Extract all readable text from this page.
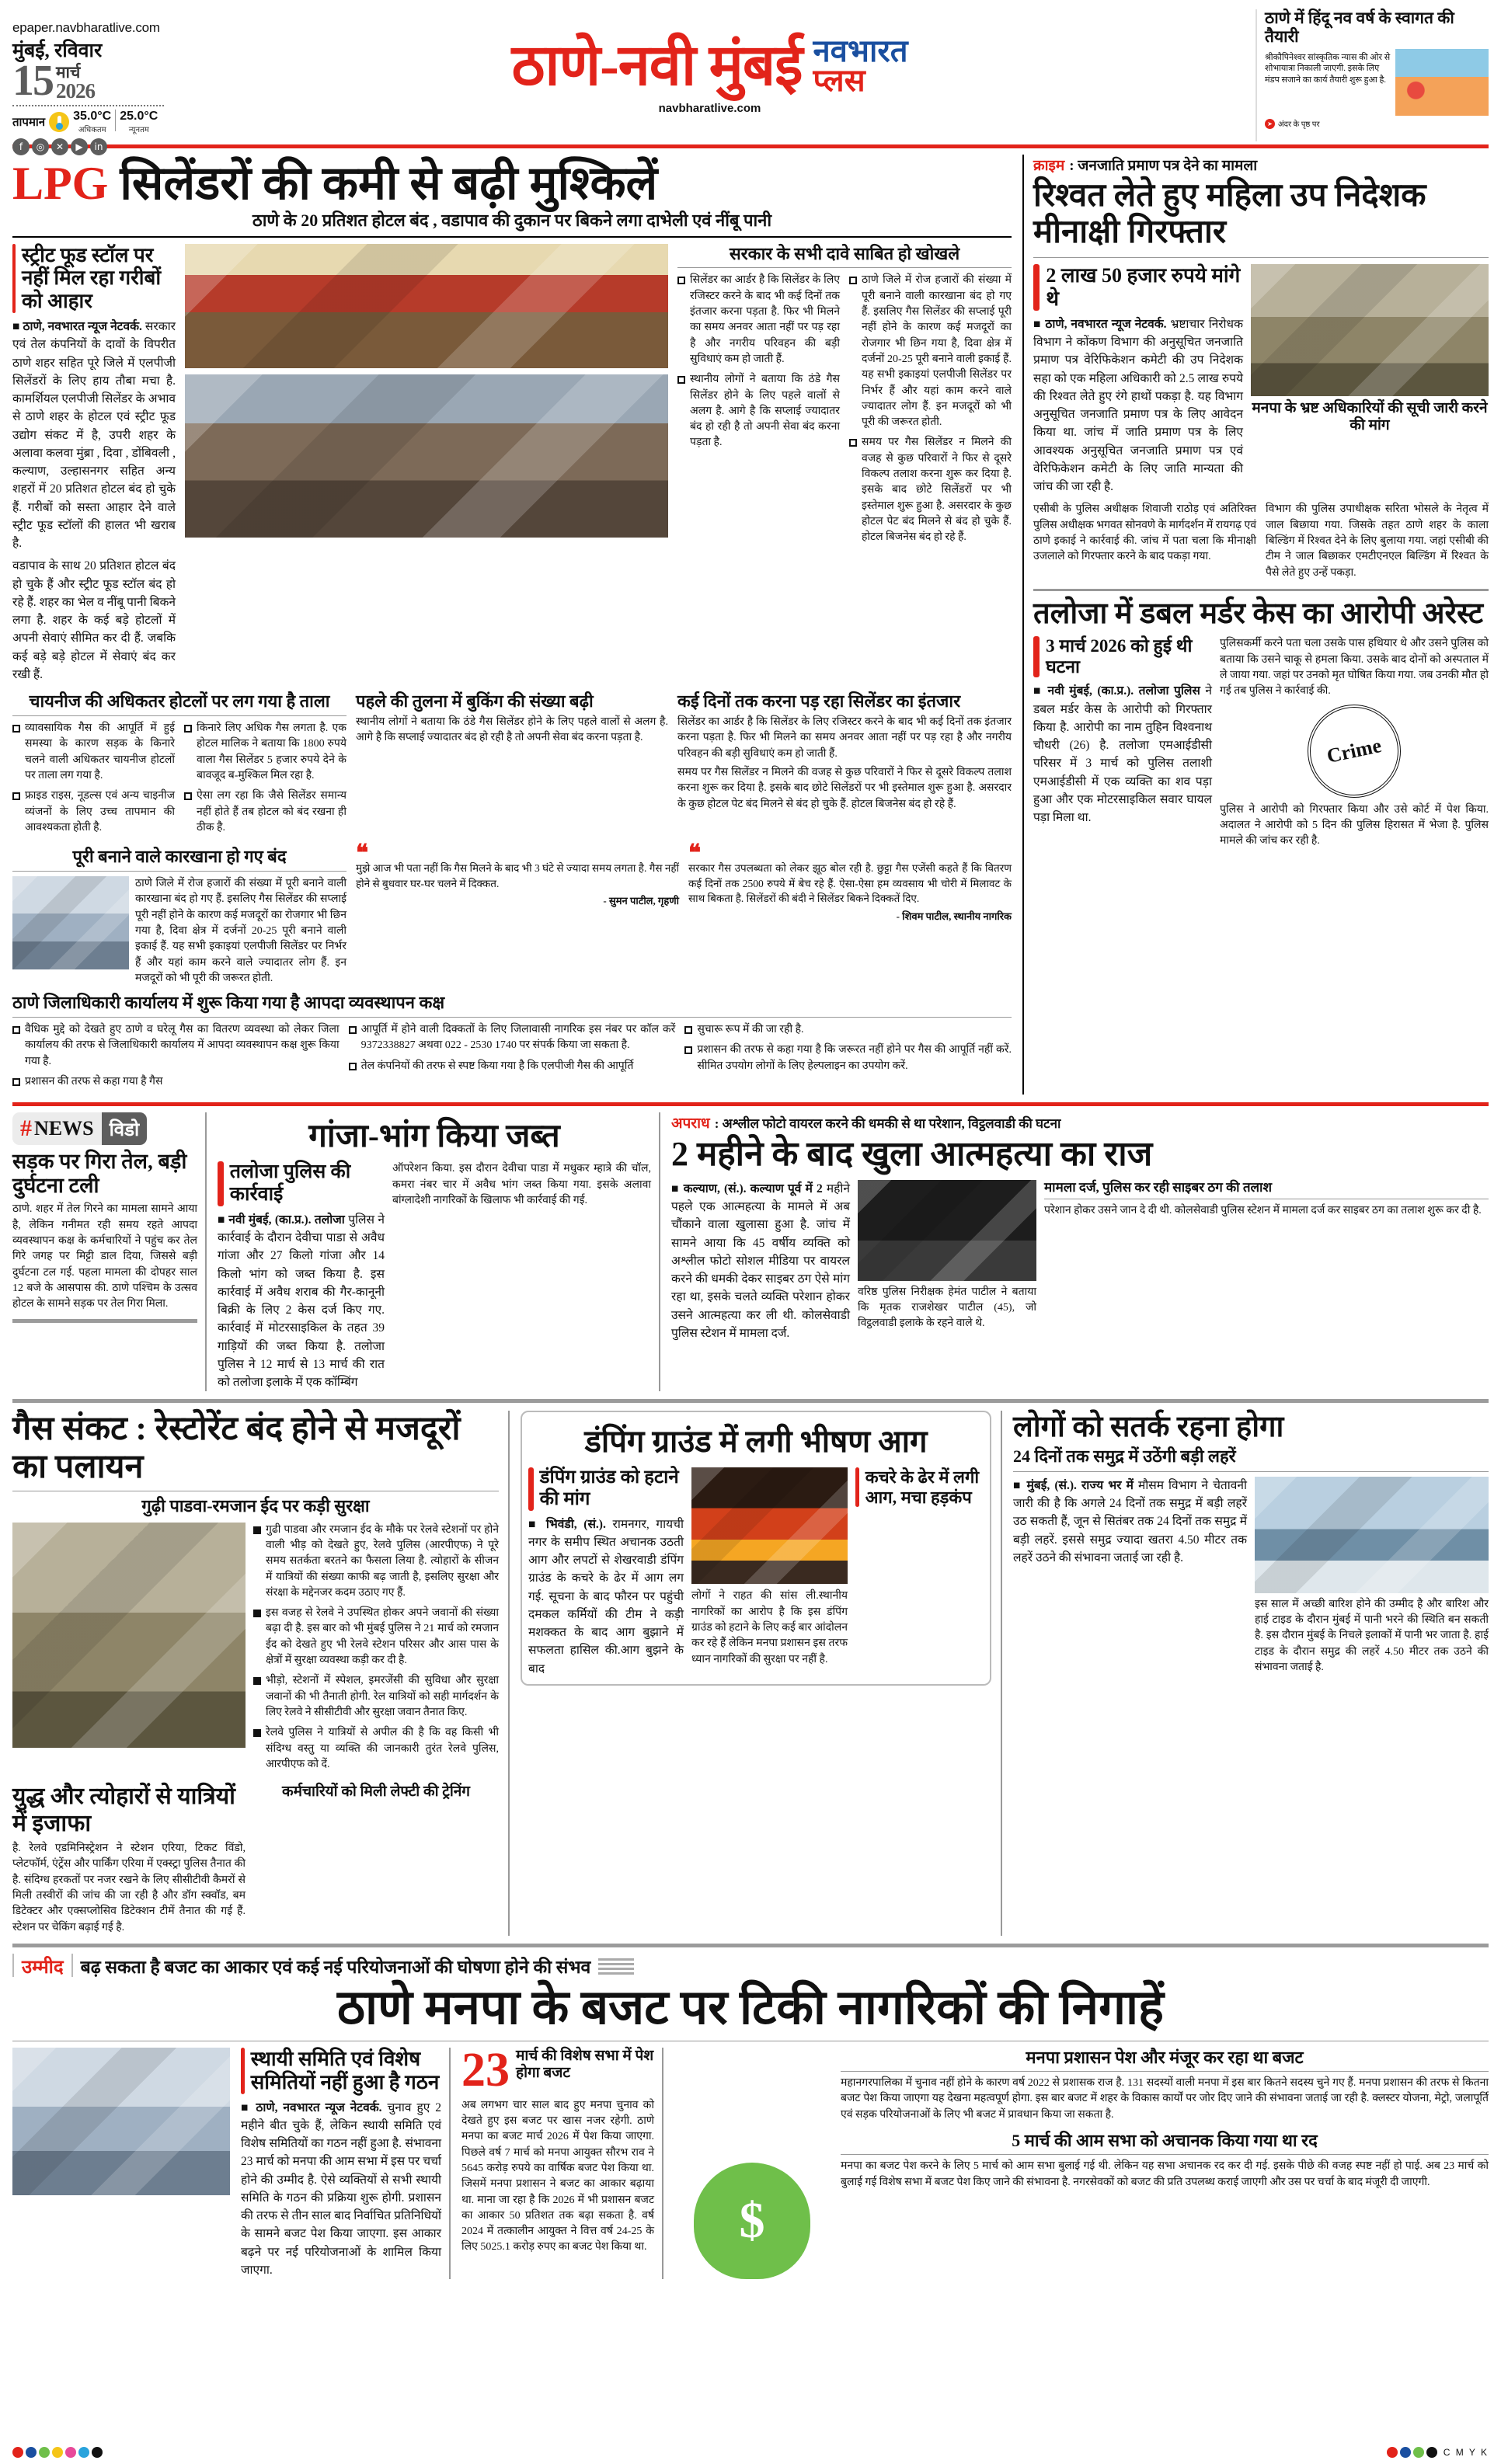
epaper.navbharatlive.com
मुंबई, रविवार
15 मार्च
2026
तापमान 35.0°C
अधिकतम
25.0°C
न्यूनतम
f	◎	✕	▶	in
ठाणे-नवी मुंबई नवभारत
प्लस
navbharatlive.com
ठाणे में हिंदू नव वर्ष के स्वागत की तैयारी
श्रीकौपिनेश्वर सांस्कृतिक न्यास की ओर से शोभायात्रा निकाली जाएगी. इसके लिए मंडप सजाने का कार्य तैयारी शुरू हुआ है.
➤ अंदर के पृष्ठ पर
LPG सिलेंडरों की कमी से बढ़ी मुश्किलें
ठाणे के 20 प्रतिशत होटल बंद , वडापाव की दुकान पर बिकने लगा दाभेली एवं नींबू पानी
स्ट्रीट फूड स्टॉल पर नहीं मिल रहा गरीबों को आहार
■ ठाणे, नवभारत न्यूज नेटवर्क. सरकार एवं तेल कंपनियों के दावों के विपरीत ठाणे शहर सहित पूरे जिले में एलपीजी सिलेंडरों के लिए हाय तौबा मचा है. कामर्शियल एलपीजी सिलेंडर के अभाव से ठाणे शहर के होटल एवं स्ट्रीट फूड उद्योग संकट में है, उपरी शहर के अलावा कलवा मुंब्रा , दिवा , डोंबिवली , कल्याण, उल्हासनगर सहित अन्य शहरों में 20 प्रतिशत होटल बंद हो चुके हैं. गरीबों को सस्ता आहार देने वाले स्ट्रीट फूड स्टॉलों की हालत भी खराब है.
वडापाव के साथ 20 प्रतिशत होटल बंद हो चुके हैं और स्ट्रीट फूड स्टॉल बंद हो रहे हैं. शहर का भेल व नींबू पानी बिकने लगा है. शहर के कई बड़े होटलों में अपनी सेवाएं सीमित कर दी हैं. जबकि कई बड़े बड़े होटल में सेवाएं बंद कर रखी हैं.
सरकार के सभी दावे साबित हो खोखले
सिलेंडर का आर्डर है कि सिलेंडर के लिए रजिस्टर करने के बाद भी कई दिनों तक इंतजार करना पड़ता है. फिर भी मिलने का समय अनवर आता नहीं पर पड़ रहा है और नगरीय परिवहन की बड़ी सुविधाएं कम हो जाती हैं.
स्थानीय लोगों ने बताया कि ठंडे गैस सिलेंडर होने के लिए पहले वालों से अलग है. आगे है कि सप्लाई ज्यादातर बंद हो रही है तो अपनी सेवा बंद करना पड़ता है.
ठाणे जिले में रोज हजारों की संख्या में पूरी बनाने वाली कारखाना बंद हो गए हैं. इसलिए गैस सिलेंडर की सप्लाई पूरी नहीं होने के कारण कई मजदूरों का रोजगार भी छिन गया है, दिवा क्षेत्र में दर्जनों 20-25 पूरी बनाने वाली इकाई हैं. यह सभी इकाइयां एलपीजी सिलेंडर पर निर्भर हैं और यहां काम करने वाले ज्यादातर लोग हैं. इन मजदूरों को भी पूरी की जरूरत होती.
समय पर गैस सिलेंडर न मिलने की वजह से कुछ परिवारों ने फिर से दूसरे विकल्प तलाश करना शुरू कर दिया है. इसके बाद छोटे सिलेंडरों पर भी इस्तेमाल शुरू हुआ है. असरदार के कुछ होटल पेट बंद मिलने से बंद हो चुके हैं. होटल बिजनेस बंद हो रहे हैं.
चायनीज की अधिकतर होटलों पर लग गया है ताला
व्यावसायिक गैस की आपूर्ति में हुई समस्या के कारण सड़क के किनारे चलने वाली अधिकतर चायनीज होटलों पर ताला लग गया है.
फ्राइड राइस, नूडल्स एवं अन्य चाइनीज व्यंजनों के लिए उच्च तापमान की आवश्यकता होती है.
किनारे लिए अधिक गैस लगता है. एक होटल मालिक ने बताया कि 1800 रुपये वाला गैस सिलेंडर 5 हजार रुपये देने के बावजूद ब-मुश्किल मिल रहा है.
ऐसा लग रहा कि जैसे सिलेंडर समान्य नहीं होते हैं तब होटल को बंद रखना ही ठीक है.
पहले की तुलना में बुकिंग की संख्या बढ़ी
स्थानीय लोगों ने बताया कि ठंडे गैस सिलेंडर होने के लिए पहले वालों से अलग है. आगे है कि सप्लाई ज्यादातर बंद हो रही है तो अपनी सेवा बंद करना पड़ता है.
कई दिनों तक करना पड़ रहा सिलेंडर का इंतजार
सिलेंडर का आर्डर है कि सिलेंडर के लिए रजिस्टर करने के बाद भी कई दिनों तक इंतजार करना पड़ता है. फिर भी मिलने का समय अनवर आता नहीं पर पड़ रहा है और नगरीय परिवहन की बड़ी सुविधाएं कम हो जाती हैं.
समय पर गैस सिलेंडर न मिलने की वजह से कुछ परिवारों ने फिर से दूसरे विकल्प तलाश करना शुरू कर दिया है. इसके बाद छोटे सिलेंडरों पर भी इस्तेमाल शुरू हुआ है. असरदार के कुछ होटल पेट बंद मिलने से बंद हो चुके हैं. होटल बिजनेस बंद हो रहे हैं.
पूरी बनाने वाले कारखाना हो गए बंद
ठाणे जिले में रोज हजारों की संख्या में पूरी बनाने वाली कारखाना बंद हो गए हैं. इसलिए गैस सिलेंडर की सप्लाई पूरी नहीं होने के कारण कई मजदूरों का रोजगार भी छिन गया है, दिवा क्षेत्र में दर्जनों 20-25 पूरी बनाने वाली इकाई हैं. यह सभी इकाइयां एलपीजी सिलेंडर पर निर्भर हैं और यहां काम करने वाले ज्यादातर लोग हैं. इन मजदूरों को भी पूरी की जरूरत होती.
❝
मुझे आज भी पता नहीं कि गैस मिलने के बाद भी 3 घंटे से ज्यादा समय लगता है. गैस नहीं होने से बुधवार घर-घर चलने में दिक्कत.
- सुमन पाटील, गृहणी
❝
सरकार गैस उपलब्धता को लेकर झूठ बोल रही है. छुट्टा गैस एजेंसी कहते हैं कि वितरण कई दिनों तक 2500 रुपये में बेच रहे हैं. ऐसा-ऐसा हम व्यवसाय भी चोरी में मिलावट के साथ बिकता है. सिलेंडरों की बंदी ने सिलेंडर बिकने दिक्कतें दिए.
- शिवम पाटील, स्थानीय नागरिक
ठाणे जिलाधिकारी कार्यालय में शुरू किया गया है आपदा व्यवस्थापन कक्ष
वैधिक मुद्दे को देखते हुए ठाणे व घरेलू गैस का वितरण व्यवस्था को लेकर जिला कार्यालय की तरफ से जिलाधिकारी कार्यालय में आपदा व्यवस्थापन कक्ष शुरू किया गया है.
प्रशासन की तरफ से कहा गया है गैस
आपूर्ति में होने वाली दिक्कतों के लिए जिलावासी नागरिक इस नंबर पर कॉल करें 9372338827 अथवा 022 - 2530 1740 पर संपर्क किया जा सकता है.
तेल कंपनियों की तरफ से स्पष्ट किया गया है कि एलपीजी गैस की आपूर्ति
सुचारू रूप में की जा रही है.
प्रशासन की तरफ से कहा गया है कि जरूरत नहीं होने पर गैस की आपूर्ति नहीं करें. सीमित उपयोग लोगों के लिए हेल्पलाइन का उपयोग करें.
क्राइम : जनजाति प्रमाण पत्र देने का मामला
रिश्वत लेते हुए महिला उप निदेशक मीनाक्षी गिरफ्तार
2 लाख 50 हजार रुपये मांगे थे
■ ठाणे, नवभारत न्यूज नेटवर्क. भ्रष्टाचार निरोधक विभाग ने कोंकण विभाग की अनुसूचित जनजाति प्रमाण पत्र वेरिफिकेशन कमेटी की उप निदेशक सहा को एक महिला अधिकारी को 2.5 लाख रुपये की रिश्वत लेते हुए रंगे हाथों पकड़ा है. यह विभाग अनुसूचित जनजाति प्रमाण पत्र के लिए आवेदन किया था. जांच में जाति प्रमाण पत्र के लिए आवश्यक अनुसूचित जनजाति प्रमाण पत्र एवं वेरिफिकेशन कमेटी के लिए जाति मान्यता की जांच की जा रही है.
मनपा के भ्रष्ट अधिकारियों की सूची जारी करने की मांग
एसीबी के पुलिस अधीक्षक शिवाजी राठोड़ एवं अतिरिक्त पुलिस अधीक्षक भगवत सोनवणे के मार्गदर्शन में रायगढ़ एवं ठाणे इकाई ने कार्रवाई की. जांच में पता चला कि मीनाक्षी उजलाले को गिरफ्तार करने के बाद पकड़ा गया.
विभाग की पुलिस उपाधीक्षक सरिता भोसले के नेतृत्व में जाल बिछाया गया. जिसके तहत ठाणे शहर के काला बिल्डिंग में रिश्वत देने के लिए बुलाया गया. जहां एसीबी की टीम ने जाल बिछाकर एमटीएनएल बिल्डिंग में रिश्वत के पैसे लेते हुए उन्हें पकड़ा.
तलोजा में डबल मर्डर केस का आरोपी अरेस्ट
3 मार्च 2026 को हुई थी घटना
■ नवी मुंबई, (का.प्र.). तलोजा पुलिस ने डबल मर्डर केस के आरोपी को गिरफ्तार किया है. आरोपी का नाम तुहिन विश्वनाथ चौधरी (26) है. तलोजा एमआईडीसी परिसर में 3 मार्च को पुलिस तलाशी एमआईडीसी में एक व्यक्ति का शव पड़ा हुआ और एक मोटरसाइकिल सवार घायल पड़ा मिला था.
पुलिसकर्मी करने पता चला उसके पास हथियार थे और उसने पुलिस को बताया कि उसने चाकू से हमला किया. उसके बाद दोनों को अस्पताल में ले जाया गया. जहां पर उनको मृत घोषित किया गया. जब उनकी मौत हो गई तब पुलिस ने कार्रवाई की.
Crime
पुलिस ने आरोपी को गिरफ्तार किया और उसे कोर्ट में पेश किया. अदालत ने आरोपी को 5 दिन की पुलिस हिरासत में भेजा है. पुलिस मामले की जांच कर रही है.
# NEWS विडो
सड़क पर गिरा तेल, बड़ी दुर्घटना टली
ठाणे. शहर में तेल गिरने का मामला सामने आया है, लेकिन गनीमत रही समय रहते आपदा व्यवस्थापन कक्ष के कर्मचारियों ने पहुंच कर तेल गिरे जगह पर मिट्टी डाल दिया, जिससे बड़ी दुर्घटना टल गई. पहला मामला की दोपहर साल 12 बजे के आसपास की. ठाणे पश्चिम के उत्सव होटल के सामने सड़क पर तेल गिरा मिला.
गांजा-भांग किया जब्त
तलोजा पुलिस की कार्रवाई
■ नवी मुंबई, (का.प्र.). तलोजा पुलिस ने कार्रवाई के दौरान देवीचा पाडा से अवैध गांजा और 27 किलो गांजा और 14 किलो भांग को जब्त किया है. इस कार्रवाई में अवैध शराब की गैर-कानूनी बिक्री के लिए 2 केस दर्ज किए गए. कार्रवाई में मोटरसाइकिल के तहत 39 गाड़ियों की जब्त किया है. तलोजा पुलिस ने 12 मार्च से 13 मार्च की रात को तलोजा इलाके में एक कॉम्बिंग
ऑपरेशन किया. इस दौरान देवीचा पाडा में मधुकर म्हात्रे की चॉल, कमरा नंबर चार में अवैध भांग जब्त किया गया. इसके अलावा बांग्लादेशी नागरिकों के खिलाफ भी कार्रवाई की गई.
अपराध : अश्लील फोटो वायरल करने की धमकी से था परेशान, विट्ठलवाडी की घटना
2 महीने के बाद खुला आत्महत्या का राज
■ कल्याण, (सं.). कल्याण पूर्व में 2 महीने पहले एक आत्महत्या के मामले में अब चौंकाने वाला खुलासा हुआ है. जांच में सामने आया कि 45 वर्षीय व्यक्ति को अश्लील फोटो सोशल मीडिया पर वायरल करने की धमकी देकर साइबर ठग ऐसे मांग रहा था, इसके चलते व्यक्ति परेशान होकर उसने आत्महत्या कर ली थी. कोलसेवाडी पुलिस स्टेशन में मामला दर्ज.
वरिष्ठ पुलिस निरीक्षक हेमंत पाटील ने बताया कि मृतक राजशेखर पाटील (45), जो विट्ठलवाडी इलाके के रहने वाले थे.
मामला दर्ज, पुलिस कर रही साइबर ठग की तलाश
परेशान होकर उसने जान दे दी थी. कोलसेवाडी पुलिस स्टेशन में मामला दर्ज कर साइबर ठग का तलाश शुरू कर दी है.
गैस संकट : रेस्टोरेंट बंद होने से मजदूरों का पलायन
गुढ़ी पाडवा-रमजान ईद पर कड़ी सुरक्षा
गुढी पाडवा और रमजान ईद के मौके पर रेलवे स्टेशनों पर होने वाली भीड़ को देखते हुए, रेलवे पुलिस (आरपीएफ) ने पूरे समय सतर्कता बरतने का फैसला लिया है. त्योहारों के सीजन में यात्रियों की संख्या काफी बढ़ जाती है, इसलिए सुरक्षा और संरक्षा के मद्देनजर कदम उठाए गए हैं.
इस वजह से रेलवे ने उपस्थित होकर अपने जवानों की संख्या बढ़ा दी है. इस बार को भी मुंबई पुलिस ने 21 मार्च को रमजान ईद को देखते हुए भी रेलवे स्टेशन परिसर और आस पास के क्षेत्रों में सुरक्षा व्यवस्था कड़ी कर दी है.
भीड़ो, स्टेशनों में स्पेशल, इमरजेंसी की सुविधा और सुरक्षा जवानों की भी तैनाती होगी. रेल यात्रियों को सही मार्गदर्शन के लिए रेलवे ने सीसीटीवी और सुरक्षा जवान तैनात किए.
रेलवे पुलिस ने यात्रियों से अपील की है कि वह किसी भी संदिग्ध वस्तु या व्यक्ति की जानकारी तुरंत रेलवे पुलिस, आरपीएफ को दें.
युद्ध और त्योहारों से यात्रियों में इजाफा
है. रेलवे एडमिनिस्ट्रेशन ने स्टेशन एरिया, टिकट विंडो, प्लेटफॉर्म, एंट्रेंस और पार्किंग एरिया में एक्स्ट्रा पुलिस तैनात की है. संदिग्ध हरकतों पर नजर रखने के लिए सीसीटीवी कैमरों से मिली तस्वीरों की जांच की जा रही है और डॉग स्क्वॉड, बम डिटेक्टर और एक्सप्लोसिव डिटेक्शन टीमें तैनात की गई हैं. स्टेशन पर चेकिंग बढ़ाई गई है.
कर्मचारियों को मिली लेफ्टी की ट्रेनिंग
डंपिंग ग्राउंड में लगी भीषण आग
डंपिंग ग्राउंड को हटाने की मांग
■ भिवंडी, (सं.). रामनगर, गायची नगर के समीप स्थित अचानक उठती आग और लपटों से शेखरवाडी डंपिंग ग्राउंड के कचरे के ढेर में आग लग गई. सूचना के बाद फौरन पर पहुंची दमकल कर्मियों की टीम ने कड़ी मशक्कत के बाद आग बुझाने में सफलता हासिल की.आग बुझने के बाद
लोगों ने राहत की सांस ली.स्थानीय नागरिकों का आरोप है कि इस डंपिंग ग्राउंड को हटाने के लिए कई बार आंदोलन कर रहे हैं लेकिन मनपा प्रशासन इस तरफ ध्यान नागरिकों की सुरक्षा पर नहीं है.
कचरे के ढेर में लगी आग, मचा हड़कंप
लोगों को सतर्क रहना होगा
24 दिनों तक समुद्र में उठेंगी बड़ी लहरें
■ मुंबई, (सं.). राज्य भर में मौसम विभाग ने चेतावनी जारी की है कि अगले 24 दिनों तक समुद्र में बड़ी लहरें उठ सकती हैं, जून से सितंबर तक 24 दिनों तक समुद्र में बड़ी लहरें. इससे समुद्र ज्यादा खतरा 4.50 मीटर तक लहरें उठने की संभावना जताई जा रही है.
इस साल में अच्छी बारिश होने की उम्मीद है और बारिश और हाई टाइड के दौरान मुंबई में पानी भरने की स्थिति बन सकती है. इस दौरान मुंबई के निचले इलाकों में पानी भर जाता है. हाई टाइड के दौरान समुद्र की लहरें 4.50 मीटर तक उठने की संभावना जताई है.
उम्मीद बढ़ सकता है बजट का आकार एवं कई नई परियोजनाओं की घोषणा होने की संभव
ठाणे मनपा के बजट पर टिकी नागरिकों की निगाहें
स्थायी समिति एवं विशेष समितियों नहीं हुआ है गठन
■ ठाणे, नवभारत न्यूज नेटवर्क. चुनाव हुए 2 महीने बीत चुके हैं, लेकिन स्थायी समिति एवं विशेष समितियों का गठन नहीं हुआ है. संभावना 23 मार्च को मनपा की आम सभा में इस पर चर्चा होने की उम्मीद है. ऐसे व्यक्तियों से सभी स्थायी समिति के गठन की प्रक्रिया शुरू होगी. प्रशासन की तरफ से तीन साल बाद निर्वाचित प्रतिनिधियों के सामने बजट पेश किया जाएगा. इस आकार बढ़ने पर नई परियोजनाओं के शामिल किया जाएगा.
23 मार्च की विशेष सभा में पेश होगा बजट
अब लगभग चार साल बाद हुए मनपा चुनाव को देखते हुए इस बजट पर खास नजर रहेगी. ठाणे मनपा का बजट मार्च 2026 में पेश किया जाएगा. पिछले वर्ष 7 मार्च को मनपा आयुक्त सौरभ राव ने 5645 करोड़ रुपये का वार्षिक बजट पेश किया था. जिसमें मनपा प्रशासन ने बजट का आकार बढ़ाया था. माना जा रहा है कि 2026 में भी प्रशासन बजट का आकार 50 प्रतिशत तक बढ़ा सकता है. वर्ष 2024 में तत्कालीन आयुक्त ने वित्त वर्ष 24-25 के लिए 5025.1 करोड़ रुपए का बजट पेश किया था.	$
मनपा प्रशासन पेश और मंजूर कर रहा था बजट
महानगरपालिका में चुनाव नहीं होने के कारण वर्ष 2022 से प्रशासक राज है. 131 सदस्यों वाली मनपा में इस बार कितने सदस्य चुने गए हैं. मनपा प्रशासन की तरफ से कितना बजट पेश किया जाएगा यह देखना महत्वपूर्ण होगा. इस बार बजट में शहर के विकास कार्यों पर जोर दिए जाने की संभावना जताई जा रही है. क्लस्टर योजना, मेट्रो, जलापूर्ति एवं सड़क परियोजनाओं के लिए भी बजट में प्रावधान किया जा सकता है.
5 मार्च की आम सभा को अचानक किया गया था रद
मनपा का बजट पेश करने के लिए 5 मार्च को आम सभा बुलाई गई थी. लेकिन यह सभा अचानक रद कर दी गई. इसके पीछे की वजह स्पष्ट नहीं हो पाई. अब 23 मार्च को बुलाई गई विशेष सभा में बजट पेश किए जाने की संभावना है. नगरसेवकों को बजट की प्रति उपलब्ध कराई जाएगी और उस पर चर्चा के बाद मंजूरी दी जाएगी.
C M Y K
